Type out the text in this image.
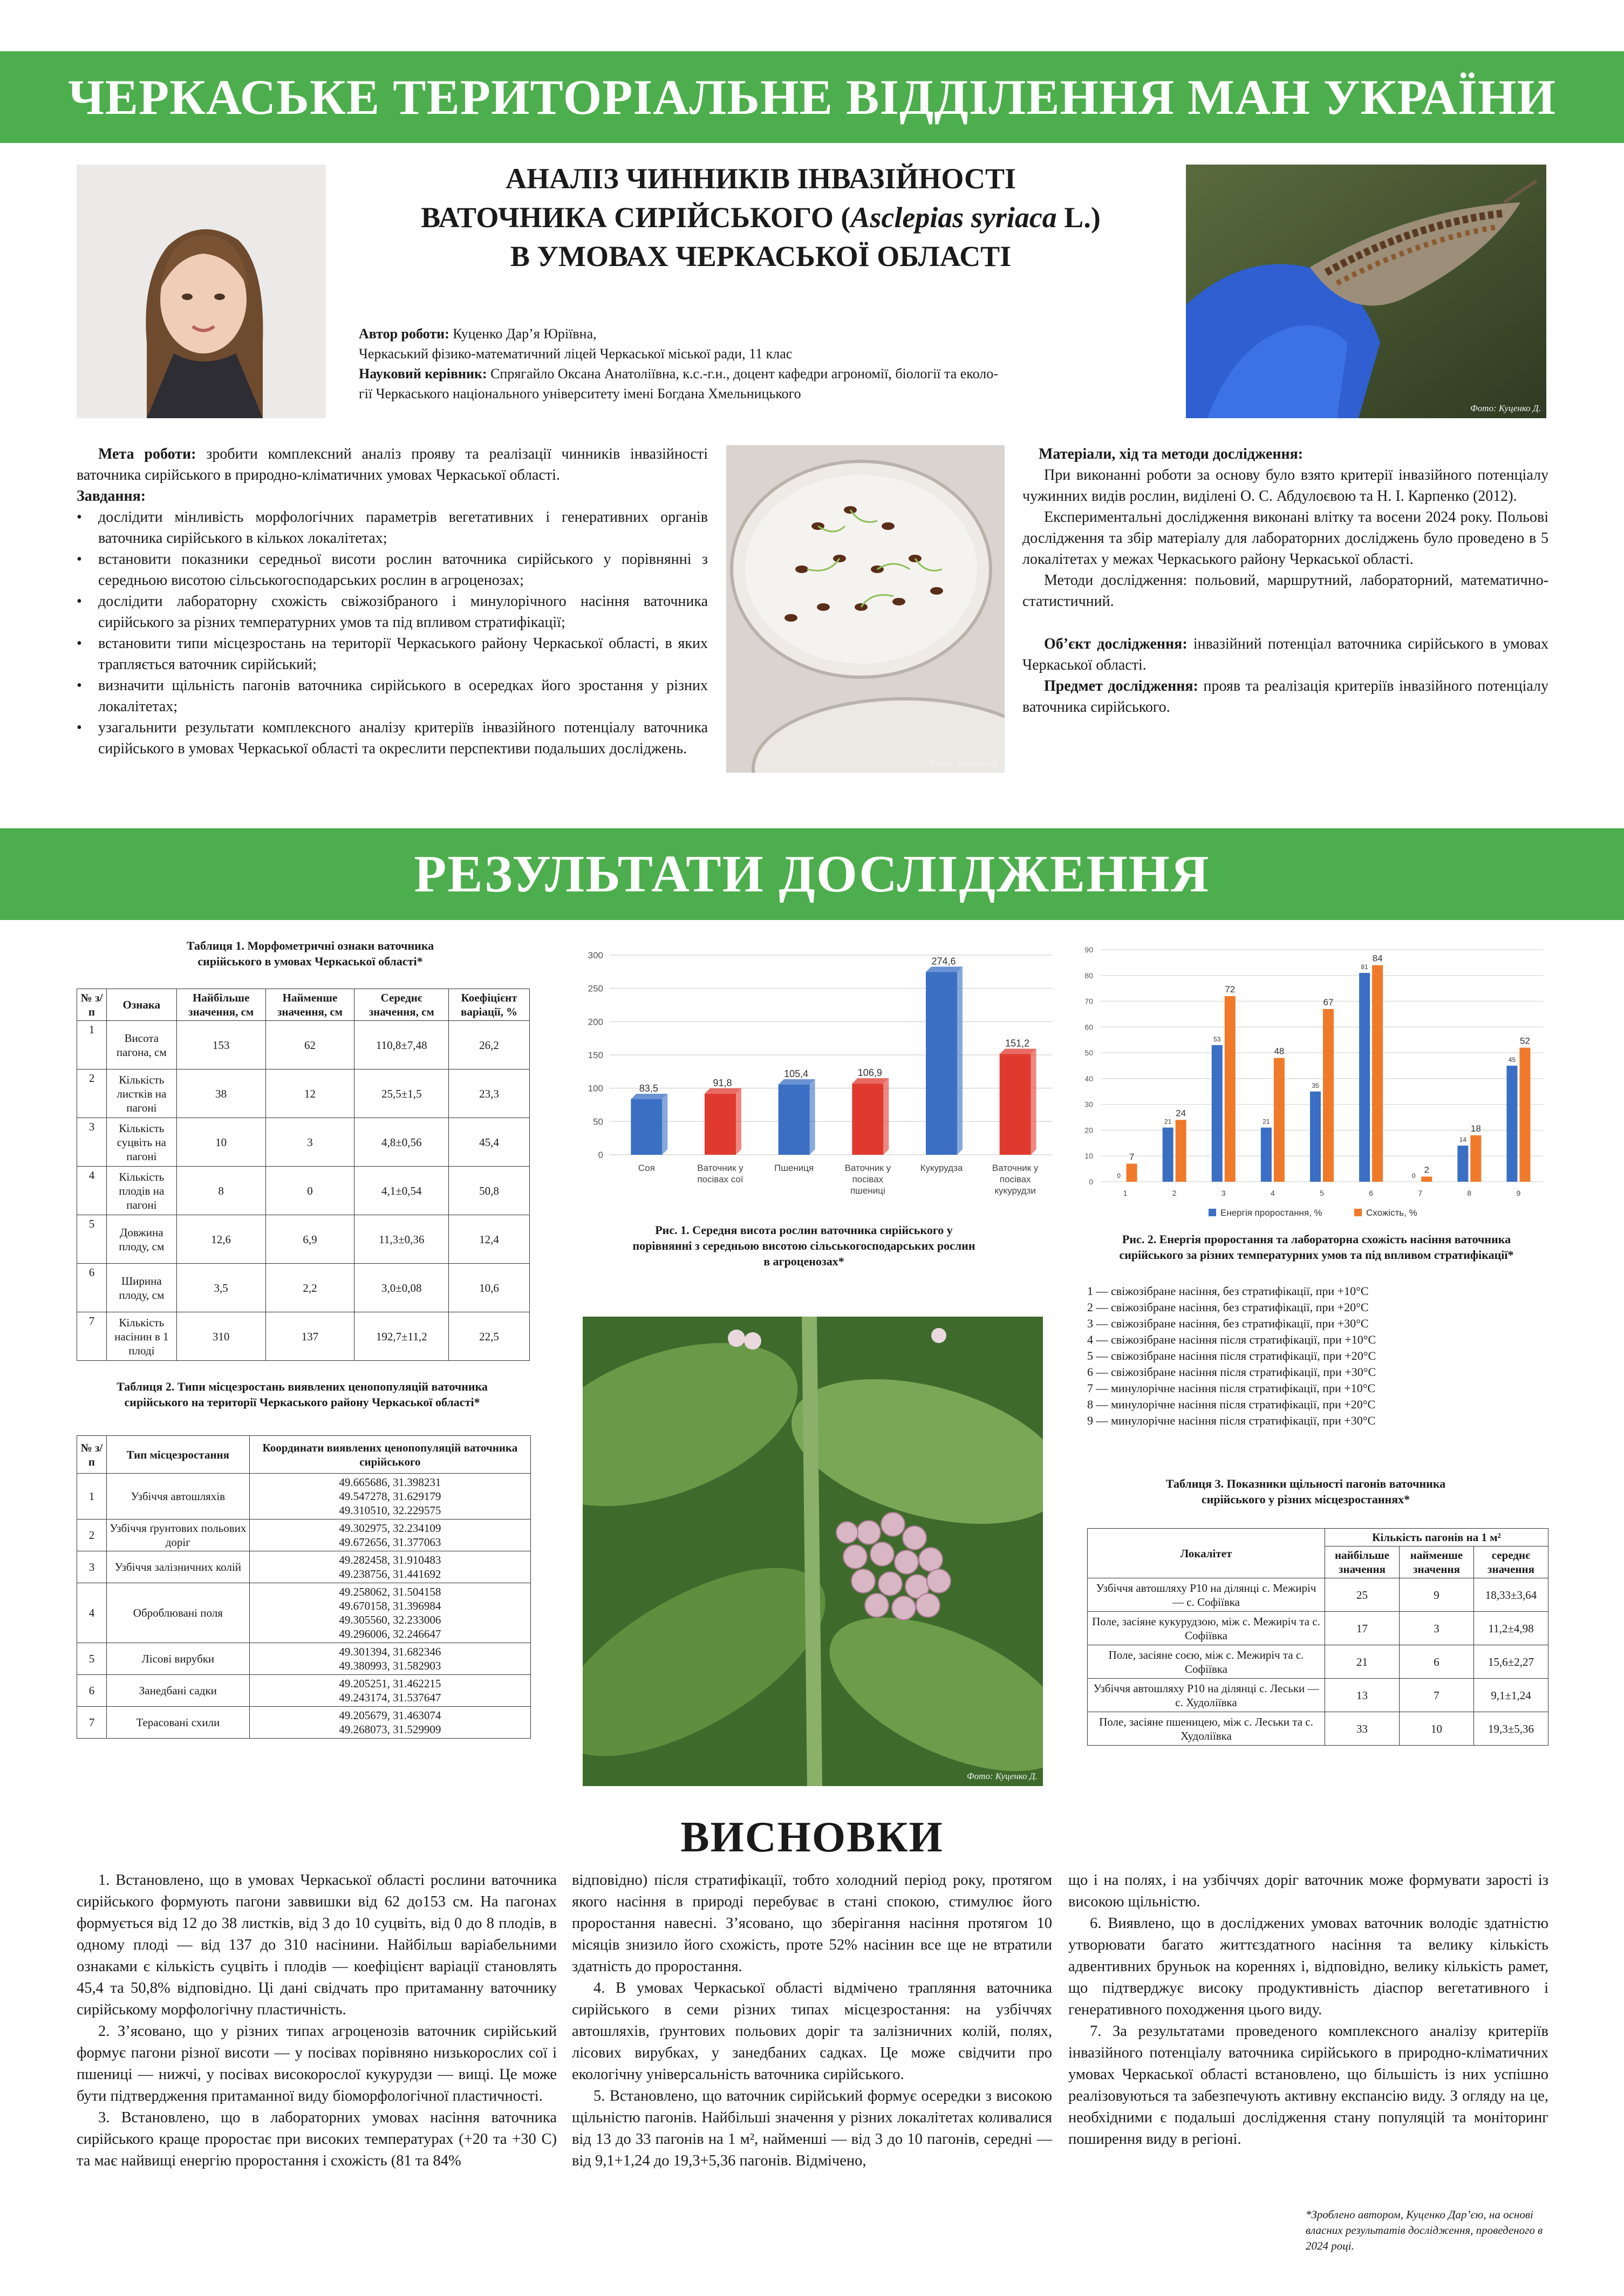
ЧЕРКАСЬКЕ ТЕРИТОРІАЛЬНЕ ВІДДІЛЕННЯ МАН УКРАЇНИ
АНАЛІЗ ЧИННИКІВ ІНВАЗІЙНОСТІ
ВАТОЧНИКА СИРІЙСЬКОГО (Asclepias syriaca L.)
В УМОВАХ ЧЕРКАСЬКОЇ ОБЛАСТІ
Автор роботи: Куценко Дар’я Юріївна,
Черкаський фізико-математичний ліцей Черкаської міської ради, 11 клас
Науковий керівник: Спрягайло Оксана Анатоліївна, к.с.-г.н., доцент кафедри агрономії, біології та еколо-
гії Черкаського національного університету імені Богдана Хмельницького
Фото: Куценко Д.

Мета роботи: зробити комплексний аналіз прояву та реалізації чинників інвазійності ваточника сирійського в природно-кліматичних умовах Черкаської області.

Завдання:
• дослідити мінливість морфологічних параметрів вегетативних і генеративних органів ваточника сирійського в кількох локалітетах;
• встановити показники середньої висоти рослин ваточника сирійського у порівнянні з середньою висотою сільськогосподарських рослин в агроценозах;
• дослідити лабораторну схожість свіжозібраного і минулорічного насіння ваточника сирійського за різних температурних умов та під впливом стратифікації;
• встановити типи місцезростань на території Черкаського району Черкаської області, в яких трапляється ваточник сирійський;
• визначити щільність пагонів ваточника сирійського в осередках його зростання у різних локалітетах;
• узагальнити результати комплексного аналізу критеріїв інвазійного потенціалу ваточника сирійського в умовах Черкаської області та окреслити перспективи подальших досліджень.
Фото: Куценко Д.

Матеріали, хід та методи дослідження:

При виконанні роботи за основу було взято критерії інвазійного потенціалу чужинних видів рослин, виділені О. С. Абдулоєвою та Н. І. Карпенко (2012).

Експериментальні дослідження виконані влітку та восени 2024 року. Польові дослідження та збір матеріалу для лабораторних досліджень було проведено в 5 локалітетах у межах Черкаського району Черкаської області.

Методи дослідження: польовий, маршрутний, лабораторний, математично-статистичний.

Об’єкт дослідження: інвазійний потенціал ваточника сирійського в умовах Черкаської області.

Предмет дослідження: прояв та реалізація критеріїв інвазійного потенціалу ваточника сирійського.

РЕЗУЛЬТАТИ ДОСЛІДЖЕННЯ
Таблиця 1. Морфометричні ознаки ваточника сирійського в умовах Черкаської області*
№ з/п	Ознака	Найбільше значення, см	Найменше значення, см	Середнє значення, см	Коефіцієнт варіації, %
1	Висота пагона, см	153	62	110,8±7,48	26,2
2	Кількість листків на пагоні	38	12	25,5±1,5	23,3
3	Кількість суцвіть на пагоні	10	3	4,8±0,56	45,4
4	Кількість плодів на пагоні	8	0	4,1±0,54	50,8
5	Довжина плоду, см	12,6	6,9	11,3±0,36	12,4
6	Ширина плоду, см	3,5	2,2	3,0±0,08	10,6
7	Кількість насінин в 1 плоді	310	137	192,7±11,2	22,5
Таблиця 2. Типи місцезростань виявлених ценопопуляцій ваточника сирійського на території Черкаського району Черкаської області*
№ з/п	Тип місцезростання	Координати виявлених ценопопуляцій ваточника сирійського
1	Узбіччя автошляхів	49.665686, 31.398231
49.547278, 31.629179
49.310510, 32.229575

2	Узбіччя ґрунтових польових доріг	49.302975, 32.234109
49.672656, 31.377063

3	Узбіччя залізничних колій	49.282458, 31.910483
49.238756, 31.441692

4	Оброблювані поля	49.258062, 31.504158
49.670158, 31.396984
49.305560, 32.233006
49.296006, 32.246647

5	Лісові вирубки	49.301394, 31.682346
49.380993, 31.582903

6	Занедбані садки	49.205251, 31.462215
49.243174, 31.537647

7	Терасовані схили	49.205679, 31.463074
49.268073, 31.529909
0
50
100
150
200
250
300
83,5
Соя
91,8
Ваточник у
посівах сої
105,4
Пшениця
106,9
Ваточник у
посівах
пшениці
274,6
Кукурудза
151,2
Ваточник у
посівах
кукурудзи
Рис. 1. Середня висота рослин ваточника сирійського у порівнянні з середньою висотою сільськогосподарських рослин в агроценозах*
0
10
20
30
40
50
60
70
80
90
0
7
1
21
24
2
53
72
3
21
48
4
35
67
5
81
84
6
0
2
7
14
18
8
45
52
9
Енергія проростання, %	Схожість, %
Рис. 2. Енергія проростання та лабораторна схожість насіння ваточника сирійського за різних температурних умов та під впливом стратифікації*
1 — свіжозібране насіння, без стратифікації, при +10°C
2 — свіжозібране насіння, без стратифікації, при +20°C
3 — свіжозібране насіння, без стратифікації, при +30°C
4 — свіжозібране насіння після стратифікації, при +10°C
5 — свіжозібране насіння після стратифікації, при +20°C
6 — свіжозібране насіння після стратифікації, при +30°C
7 — минулорічне насіння після стратифікації, при +10°C
8 — минулорічне насіння після стратифікації, при +20°C
9 — минулорічне насіння після стратифікації, при +30°C
Фото: Куценко Д.
Таблиця 3. Показники щільності пагонів ваточника сирійського у різних місцезростаннях*
Локалітет	Кількість пагонів на 1 м²		
	найбільше значення	найменше значення	середнє значення
Узбіччя автошляху Р10 на ділянці с. Межиріч — с. Софіївка	25	9	18,33±3,64
Поле, засіяне кукурудзою, між с. Межиріч та с. Софіївка	17	3	11,2±4,98
Поле, засіяне соєю, між с. Межиріч та с. Софіївка	21	6	15,6±2,27
Узбіччя автошляху Р10 на ділянці с. Леськи — с. Худоліївка	13	7	9,1±1,24
Поле, засіяне пшеницею, між с. Леськи та с. Худоліївка	33	10	19,3±5,36
ВИСНОВКИ

1. Встановлено, що в умовах Черкаської області рослини ваточника сирійського формують пагони заввишки від 62 до153 см. На пагонах формується від 12 до 38 листків, від 3 до 10 суцвіть, від 0 до 8 плодів, в одному плоді — від 137 до 310 насінини. Найбільш варіабельними ознаками є кількість суцвіть і плодів — коефіцієнт варіації становлять 45,4 та 50,8% відповідно. Ці дані свідчать про притаманну ваточнику сирійському морфологічну пластичність.

2. З’ясовано, що у різних типах агроценозів ваточник сирійський формує пагони різної висоти — у посівах порівняно низькорослих сої і пшениці — нижчі, у посівах високорослої кукурудзи — вищі. Це може бути підтвердження притаманної виду біоморфологічної пластичності.

3. Встановлено, що в лабораторних умовах насіння ваточника сирійського краще проростає при високих температурах (+20 та +30 С) та має найвищі енергію проростання і схожість (81 та 84%

відповідно) після стратифікації, тобто холодний період року, протягом якого насіння в природі перебуває в стані спокою, стимулює його проростання навесні. З’ясовано, що зберігання насіння протягом 10 місяців знизило його схожість, проте 52% насінин все ще не втратили здатність до проростання.

4. В умовах Черкаської області відмічено трапляння ваточника сирійського в семи різних типах місцезростання: на узбіччях автошляхів, ґрунтових польових доріг та залізничних колій, полях, лісових вирубках, у занедбаних садках. Це може свідчити про екологічну універсальність ваточника сирійського.

5. Встановлено, що ваточник сирійський формує осередки з високою щільністю пагонів. Найбільші значення у різних локалітетах коливалися від 13 до 33 пагонів на 1 м², найменші — від 3 до 10 пагонів, середні — від 9,1+1,24 до 19,3+5,36 пагонів. Відмічено,

що і на полях, і на узбіччях доріг ваточник може формувати зарості із високою щільністю.

6. Виявлено, що в досліджених умовах ваточник володіє здатністю утворювати багато життєздатного насіння та велику кількість адвентивних бруньок на кореннях і, відповідно, велику кількість рамет, що підтверджує високу продуктивність діаспор вегетативного і генеративного походження цього виду.

7. За результатами проведеного комплексного аналізу критеріїв інвазійного потенціалу ваточника сирійського в природно-кліматичних умовах Черкаської області встановлено, що більшість із них успішно реалізовуються та забезпечують активну експансію виду. З огляду на це, необхідними є подальші дослідження стану популяцій та моніторинг поширення виду в регіоні.

*Зроблено автором, Куценко Дар’єю, на основі власних результатів дослідження, проведеного в 2024 році.
